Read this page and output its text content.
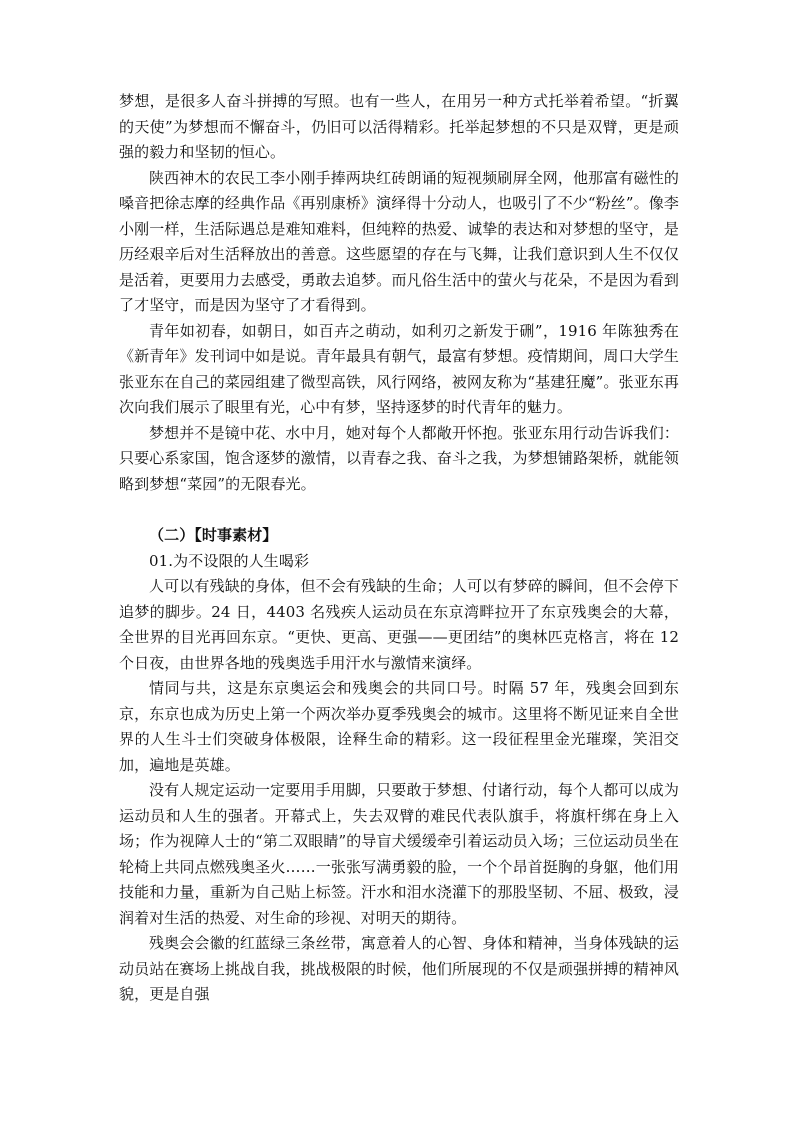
梦想，是很多人奋斗拼搏的写照。也有一些人，在用另一种方式托举着希望。“折翼的天使”为梦想而不懈奋斗，仍旧可以活得精彩。托举起梦想的不只是双臂，更是顽强的毅力和坚韧的恒心。

陕西神木的农民工李小刚手捧两块红砖朗诵的短视频刷屏全网，他那富有磁性的嗓音把徐志摩的经典作品《再别康桥》演绎得十分动人，也吸引了不少“粉丝”。像李小刚一样，生活际遇总是难知难料，但纯粹的热爱、诚挚的表达和对梦想的坚守，是历经艰辛后对生活释放出的善意。这些愿望的存在与飞舞，让我们意识到人生不仅仅是活着，更要用力去感受，勇敢去追梦。而凡俗生活中的萤火与花朵，不是因为看到了才坚守，而是因为坚守了才看得到。

青年如初春，如朝日，如百卉之萌动，如利刃之新发于硎”，1916 年陈独秀在《新青年》发刊词中如是说。青年最具有朝气，最富有梦想。疫情期间，周口大学生张亚东在自己的菜园组建了微型高铁，风行网络，被网友称为“基建狂魔”。张亚东再次向我们展示了眼里有光，心中有梦，坚持逐梦的时代青年的魅力。

梦想并不是镜中花、水中月，她对每个人都敞开怀抱。张亚东用行动告诉我们：只要心系家国，饱含逐梦的激情，以青春之我、奋斗之我，为梦想铺路架桥，就能领略到梦想“菜园”的无限春光。

（二）【时事素材】

01.为不设限的人生喝彩

人可以有残缺的身体，但不会有残缺的生命；人可以有梦碎的瞬间，但不会停下追梦的脚步。24 日，4403 名残疾人运动员在东京湾畔拉开了东京残奥会的大幕，全世界的目光再回东京。“更快、更高、更强——更团结”的奥林匹克格言，将在 12 个日夜，由世界各地的残奥选手用汗水与激情来演绎。

情同与共，这是东京奥运会和残奥会的共同口号。时隔 57 年，残奥会回到东京，东京也成为历史上第一个两次举办夏季残奥会的城市。这里将不断见证来自全世界的人生斗士们突破身体极限，诠释生命的精彩。这一段征程里金光璀璨，笑泪交加，遍地是英雄。

没有人规定运动一定要用手用脚，只要敢于梦想、付诸行动，每个人都可以成为运动员和人生的强者。开幕式上，失去双臂的难民代表队旗手，将旗杆绑在身上入场；作为视障人士的“第二双眼睛”的导盲犬缓缓牵引着运动员入场；三位运动员坐在轮椅上共同点燃残奥圣火……一张张写满勇毅的脸，一个个昂首挺胸的身躯，他们用技能和力量，重新为自己贴上标签。汗水和泪水浇灌下的那股坚韧、不屈、极致，浸润着对生活的热爱、对生命的珍视、对明天的期待。

残奥会会徽的红蓝绿三条丝带，寓意着人的心智、身体和精神，当身体残缺的运动员站在赛场上挑战自我，挑战极限的时候，他们所展现的不仅是顽强拼搏的精神风貌，更是自强
